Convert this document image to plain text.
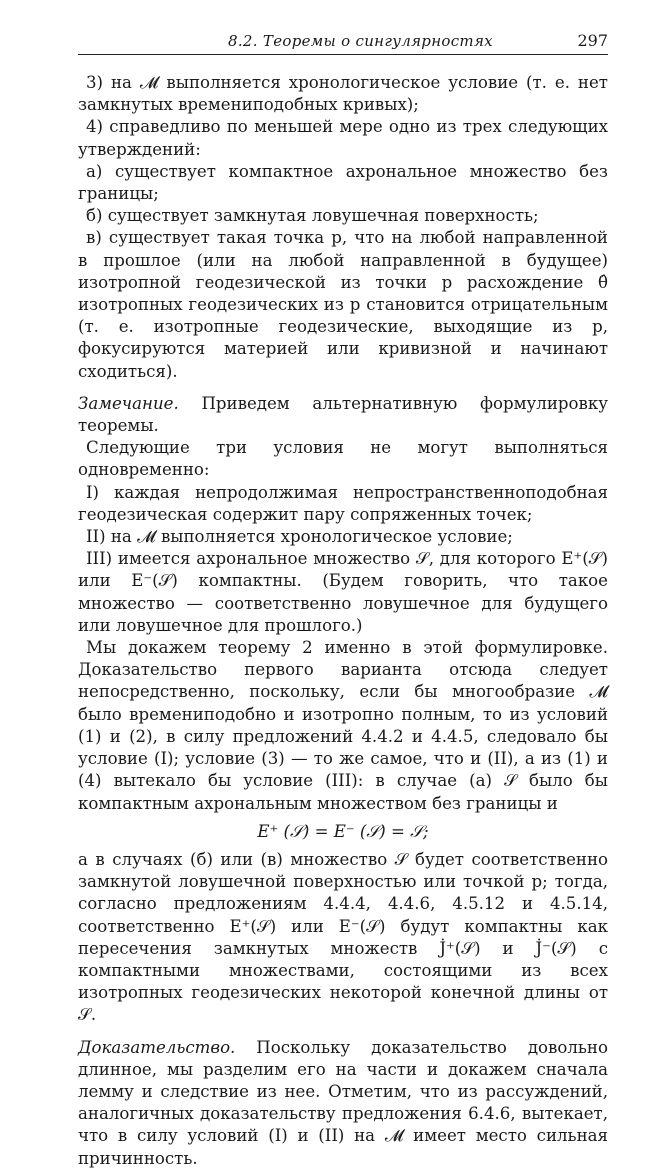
8.2. Теоремы о сингулярностях	297

3) на 𝓜 выполняется хронологическое условие (т. е. нет замкнутых времениподобных кривых);

4) справедливо по меньшей мере одно из трех следующих утверждений:

а) существует компактное ахрональное множество без границы;

б) существует замкнутая ловушечная поверхность;

в) существует такая точка p, что на любой направленной в прошлое (или на любой направленной в будущее) изотропной геодезической из точки p расхождение θ̂ изотропных геодезических из p становится отрицательным (т. е. изотропные геодезические, выходящие из p, фокусируются материей или кривизной и начинают сходиться).

Замечание. Приведем альтернативную формулировку теоремы.

Следующие три условия не могут выполняться одновременно:

I) каждая непродолжимая непространственноподобная геодезическая содержит пару сопряженных точек;

II) на 𝓜 выполняется хронологическое условие;

III) имеется ахрональное множество 𝒮, для которого E⁺(𝒮) или E⁻(𝒮) компактны. (Будем говорить, что такое множество — соответственно ловушечное для будущего или ловушечное для прошлого.)

Мы докажем теорему 2 именно в этой формулировке. Доказательство первого варианта отсюда следует непосредственно, поскольку, если бы многообразие 𝓜 было времениподобно и изотропно полным, то из условий (1) и (2), в силу предложений 4.4.2 и 4.4.5, следовало бы условие (I); условие (3) — то же самое, что и (II), а из (1) и (4) вытекало бы условие (III): в случае (а) 𝒮 было бы компактным ахрональным множеством без границы и

E⁺ (𝒮) = E⁻ (𝒮) = 𝒮;

а в случаях (б) или (в) множество 𝒮 будет соответственно замкнутой ловушечной поверхностью или точкой p; тогда, согласно предложениям 4.4.4, 4.4.6, 4.5.12 и 4.5.14, соответственно E⁺(𝒮) или E⁻(𝒮) будут компактны как пересечения замкнутых множеств J̇⁺(𝒮) и J̇⁻(𝒮) с компактными множествами, состоящими из всех изотропных геодезических некоторой конечной длины от 𝒮.

Доказательство. Поскольку доказательство довольно длинное, мы разделим его на части и докажем сначала лемму и следствие из нее. Отметим, что из рассуждений, аналогичных доказательству предложения 6.4.6, вытекает, что в силу условий (I) и (II) на 𝓜 имеет место сильная причинность.
